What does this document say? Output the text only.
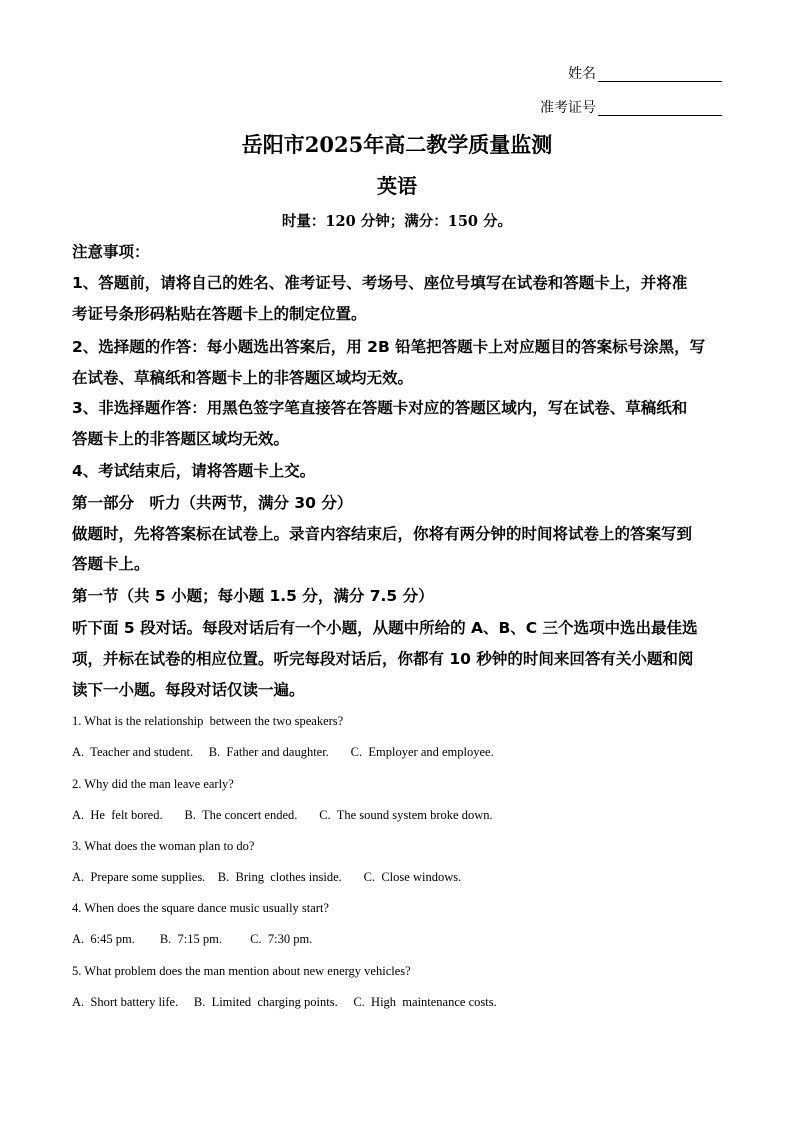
姓名
准考证号
岳阳市2025年高二教学质量监测
英语
时量：120 分钟；满分：150 分。
注意事项：
1、答题前，请将自己的姓名、准考证号、考场号、座位号填写在试卷和答题卡上，并将准
考证号条形码粘贴在答题卡上的制定位置。
2、选择题的作答：每小题选出答案后，用 2B 铅笔把答题卡上对应题目的答案标号涂黑，写
在试卷、草稿纸和答题卡上的非答题区域均无效。
3、非选择题作答：用黑色签字笔直接答在答题卡对应的答题区域内，写在试卷、草稿纸和
答题卡上的非答题区域均无效。
4、考试结束后，请将答题卡上交。
第一部分　听力（共两节，满分 30 分）
做题时，先将答案标在试卷上。录音内容结束后，你将有两分钟的时间将试卷上的答案写到
答题卡上。
第一节（共 5 小题；每小题 1.5 分，满分 7.5 分）
听下面 5 段对话。每段对话后有一个小题，从题中所给的 A、B、C 三个选项中选出最佳选
项，并标在试卷的相应位置。听完每段对话后，你都有 10 秒钟的时间来回答有关小题和阅
读下一小题。每段对话仅读一遍。
1. What is the relationship  between the two speakers?
A.  Teacher and student.     B.  Father and daughter.       C.  Employer and employee.
2. Why did the man leave early?
A.  He  felt bored.       B.  The concert ended.       C.  The sound system broke down.
3. What does the woman plan to do?
A.  Prepare some supplies.    B.  Bring  clothes inside.       C.  Close windows.
4. When does the square dance music usually start?
A.  6:45 pm.        B.  7:15 pm.         C.  7:30 pm.
5. What problem does the man mention about new energy vehicles?
A.  Short battery life.     B.  Limited  charging points.     C.  High  maintenance costs.
